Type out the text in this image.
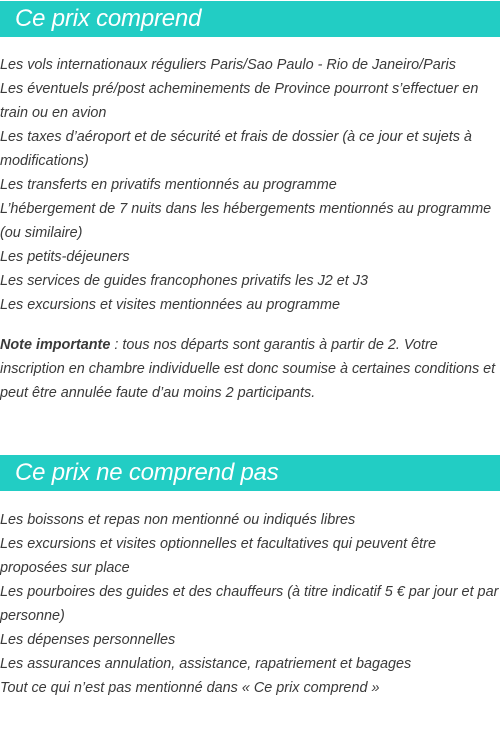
Ce prix comprend
Les vols internationaux réguliers Paris/Sao Paulo - Rio de Janeiro/Paris
Les éventuels pré/post acheminements de Province pourront s’effectuer en train ou en avion
Les taxes d’aéroport et de sécurité et frais de dossier (à ce jour et sujets à modifications)
Les transferts en privatifs mentionnés au programme
L’hébergement de 7 nuits dans les hébergements mentionnés au programme (ou similaire)
Les petits-déjeuners
Les services de guides francophones privatifs les J2 et J3
Les excursions et visites mentionnées au programme

Note importante : tous nos départs sont garantis à partir de 2. Votre inscription en chambre individuelle est donc soumise à certaines conditions et peut être annulée faute d’au moins 2 participants.

Ce prix ne comprend pas
Les boissons et repas non mentionné ou indiqués libres
Les excursions et visites optionnelles et facultatives qui peuvent être proposées sur place
Les pourboires des guides et des chauffeurs (à titre indicatif 5 € par jour et par personne)
Les dépenses personnelles
Les assurances annulation, assistance, rapatriement et bagages
Tout ce qui n’est pas mentionné dans « Ce prix comprend »
